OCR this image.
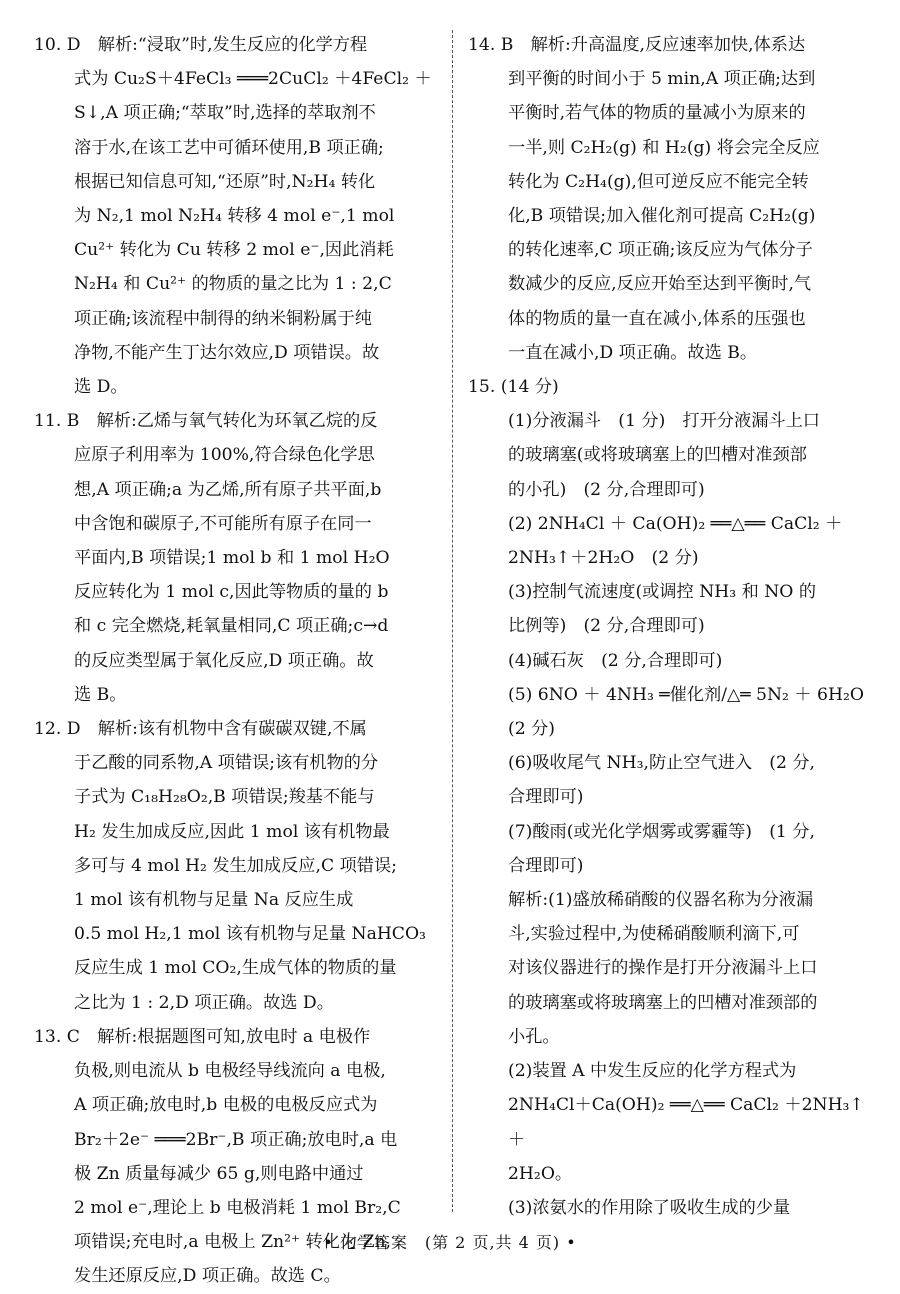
10. D　解析:“浸取”时,发生反应的化学方程

式为 Cu₂S＋4FeCl₃ ═══2CuCl₂ ＋4FeCl₂ ＋

S↓,A 项正确;“萃取”时,选择的萃取剂不

溶于水,在该工艺中可循环使用,B 项正确;

根据已知信息可知,“还原”时,N₂H₄ 转化

为 N₂,1 mol N₂H₄ 转移 4 mol e⁻,1 mol

Cu²⁺ 转化为 Cu 转移 2 mol e⁻,因此消耗

N₂H₄ 和 Cu²⁺ 的物质的量之比为 1 : 2,C

项正确;该流程中制得的纳米铜粉属于纯

净物,不能产生丁达尔效应,D 项错误。故

选 D。

11. B　解析:乙烯与氧气转化为环氧乙烷的反

应原子利用率为 100%,符合绿色化学思

想,A 项正确;a 为乙烯,所有原子共平面,b

中含饱和碳原子,不可能所有原子在同一

平面内,B 项错误;1 mol b 和 1 mol H₂O

反应转化为 1 mol c,因此等物质的量的 b

和 c 完全燃烧,耗氧量相同,C 项正确;c→d

的反应类型属于氧化反应,D 项正确。故

选 B。

12. D　解析:该有机物中含有碳碳双键,不属

于乙酸的同系物,A 项错误;该有机物的分

子式为 C₁₈H₂₈O₂,B 项错误;羧基不能与

H₂ 发生加成反应,因此 1 mol 该有机物最

多可与 4 mol H₂ 发生加成反应,C 项错误;

1 mol 该有机物与足量 Na 反应生成

0.5 mol H₂,1 mol 该有机物与足量 NaHCO₃

反应生成 1 mol CO₂,生成气体的物质的量

之比为 1 : 2,D 项正确。故选 D。

13. C　解析:根据题图可知,放电时 a 电极作

负极,则电流从 b 电极经导线流向 a 电极,

A 项正确;放电时,b 电极的电极反应式为

Br₂＋2e⁻ ═══2Br⁻,B 项正确;放电时,a 电

极 Zn 质量每减少 65 g,则电路中通过

2 mol e⁻,理论上 b 电极消耗 1 mol Br₂,C

项错误;充电时,a 电极上 Zn²⁺ 转化为 Zn,

发生还原反应,D 项正确。故选 C。

14. B　解析:升高温度,反应速率加快,体系达

到平衡的时间小于 5 min,A 项正确;达到

平衡时,若气体的物质的量减小为原来的

一半,则 C₂H₂(g) 和 H₂(g) 将会完全反应

转化为 C₂H₄(g),但可逆反应不能完全转

化,B 项错误;加入催化剂可提高 C₂H₂(g)

的转化速率,C 项正确;该反应为气体分子

数减少的反应,反应开始至达到平衡时,气

体的物质的量一直在减小,体系的压强也

一直在减小,D 项正确。故选 B。

15. (14 分)

(1)分液漏斗　(1 分)　打开分液漏斗上口

的玻璃塞(或将玻璃塞上的凹槽对准颈部

的小孔)　(2 分,合理即可)

(2) 2NH₄Cl ＋ Ca(OH)₂ ══△══ CaCl₂ ＋

2NH₃↑＋2H₂O　(2 分)

(3)控制气流速度(或调控 NH₃ 和 NO 的

比例等)　(2 分,合理即可)

(4)碱石灰　(2 分,合理即可)

(5) 6NO ＋ 4NH₃ ═催化剂/△═ 5N₂ ＋ 6H₂O

(2 分)

(6)吸收尾气 NH₃,防止空气进入　(2 分,

合理即可)

(7)酸雨(或光化学烟雾或雾霾等)　(1 分,

合理即可)

解析:(1)盛放稀硝酸的仪器名称为分液漏

斗,实验过程中,为使稀硝酸顺利滴下,可

对该仪器进行的操作是打开分液漏斗上口

的玻璃塞或将玻璃塞上的凹槽对准颈部的

小孔。

(2)装置 A 中发生反应的化学方程式为

2NH₄Cl＋Ca(OH)₂ ══△══ CaCl₂ ＋2NH₃↑＋

2H₂O。

(3)浓氨水的作用除了吸收生成的少量

• 化学答案　(第 2 页,共 4 页) •
